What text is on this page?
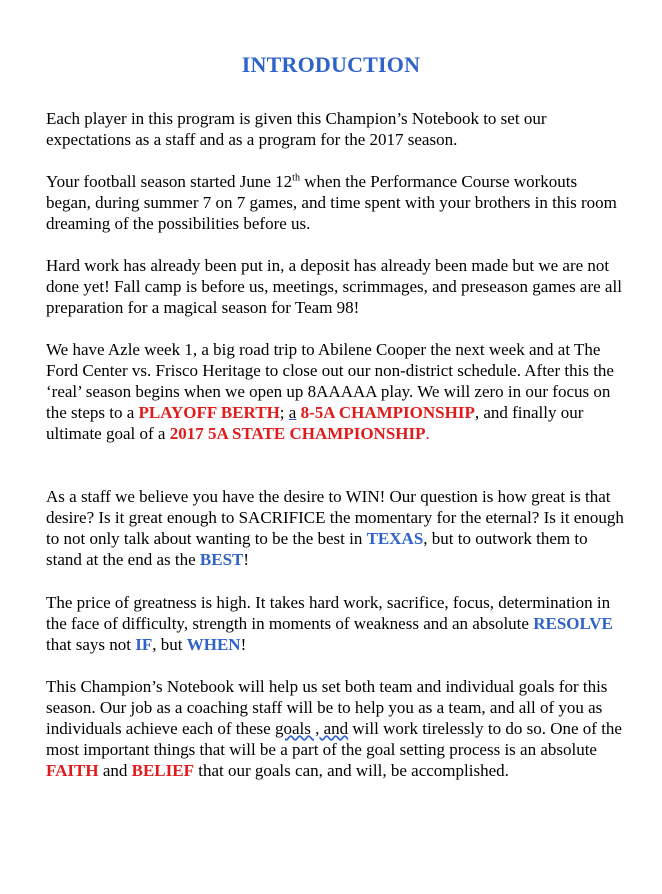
INTRODUCTION

Each player in this program is given this Champion’s Notebook to set our expectations as a staff and as a program for the 2017 season.

Your football season started June 12th when the Performance Course workouts began, during summer 7 on 7 games, and time spent with your brothers in this room dreaming of the possibilities before us.

Hard work has already been put in, a deposit has already been made but we are not done yet! Fall camp is before us, meetings, scrimmages, and preseason games are all preparation for a magical season for Team 98!

We have Azle week 1, a big road trip to Abilene Cooper the next week and at The Ford Center vs. Frisco Heritage to close out our non-district schedule. After this the ‘real’ season begins when we open up 8AAAAA play. We will zero in our focus on the steps to a PLAYOFF BERTH; a 8-5A CHAMPIONSHIP, and finally our ultimate goal of a 2017 5A STATE CHAMPIONSHIP.

As a staff we believe you have the desire to WIN! Our question is how great is that desire? Is it great enough to SACRIFICE the momentary for the eternal? Is it enough to not only talk about wanting to be the best in TEXAS, but to outwork them to stand at the end as the BEST!

The price of greatness is high. It takes hard work, sacrifice, focus, determination in the face of difficulty, strength in moments of weakness and an absolute RESOLVE that says not IF, but WHEN!

This Champion’s Notebook will help us set both team and individual goals for this season. Our job as a coaching staff will be to help you as a team, and all of you as individuals achieve each of these goals , and will work tirelessly to do so. One of the most important things that will be a part of the goal setting process is an absolute FAITH and BELIEF that our goals can, and will, be accomplished.
